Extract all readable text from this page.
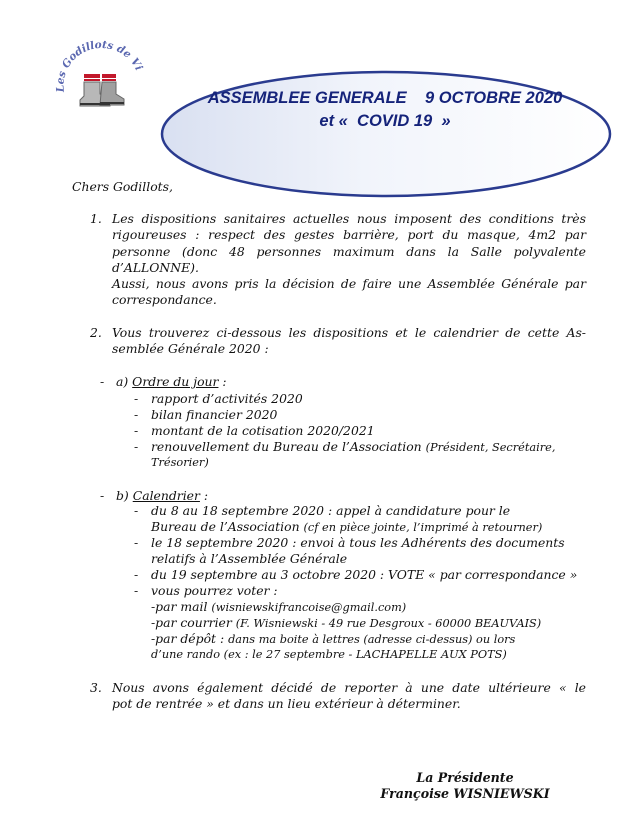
Les Godillots de Vi
ASSEMBLEE GENERALE    9 OCTOBRE 2020
et «  COVID 19  »
Chers Godillots,
1. Les dispositions sanitaires actuelles nous imposent des conditions très
rigoureuses : respect des gestes barrière, port du masque, 4m2 par
personne (donc 48 personnes maximum dans la Salle polyvalente
d’ALLONNE).
Aussi, nous avons pris la décision de faire une Assemblée Générale par
correspondance.
2. Vous trouverez ci-dessous les dispositions et le calendrier de cette As-
semblée Générale 2020 :
- a) Ordre du jour :
- rapport d’activités 2020
- bilan financier 2020
- montant de la cotisation 2020/2021
- renouvellement du Bureau de l’Association (Président, Secrétaire,
Trésorier)
- b) Calendrier :
- du 8 au 18 septembre 2020 : appel à candidature pour le
Bureau de l’Association (cf en pièce jointe, l’imprimé à retourner)
- le 18 septembre 2020 : envoi à tous les Adhérents des documents
relatifs à l’Assemblée Générale
- du 19 septembre au 3 octobre 2020 : VOTE « par correspondance »
- vous pourrez voter :
-par mail (wisniewskifrancoise@gmail.com)
-par courrier (F. Wisniewski - 49 rue Desgroux - 60000 BEAUVAIS)
-par dépôt : dans ma boite à lettres (adresse ci-dessus) ou lors
d’une rando (ex : le 27 septembre - LACHAPELLE AUX POTS)
3. Nous avons également décidé de reporter à une date ultérieure « le
pot de rentrée » et dans un lieu extérieur à déterminer.
La Présidente
Françoise WISNIEWSKI
